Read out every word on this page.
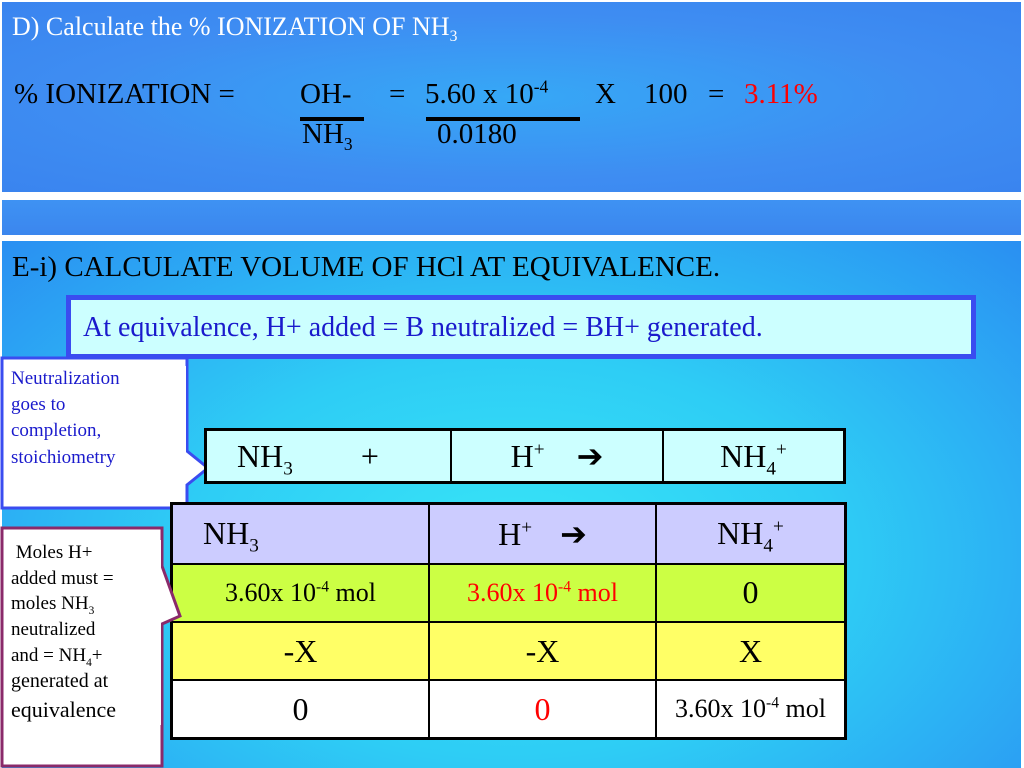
D) Calculate the % IONIZATION OF $NH_3$
% IONIZATION = OH-
$NH_3$
= 5.60 x $10^{-4}$
0.0180
X 100 = 3.11%
E-i) CALCULATE VOLUME OF HCl AT EQUIVALENCE.
At equivalence, H+ added = B neutralized = BH+ generated.
Neutralization
goes to
completion,
stoichiometry	$NH_3$ +	H+ ➔	$NH_4^+$
$NH_3$	H+ ➔	$NH_4^+$
3.60x $10^{-4}$ mol	3.60x $10^{-4}$ mol	0
-X	-X	X
0	0	3.60x $10^{-4}$ mol
Moles H+
added must =
moles $NH_3$
neutralized
and = $NH_4+$
generated at
equivalence
